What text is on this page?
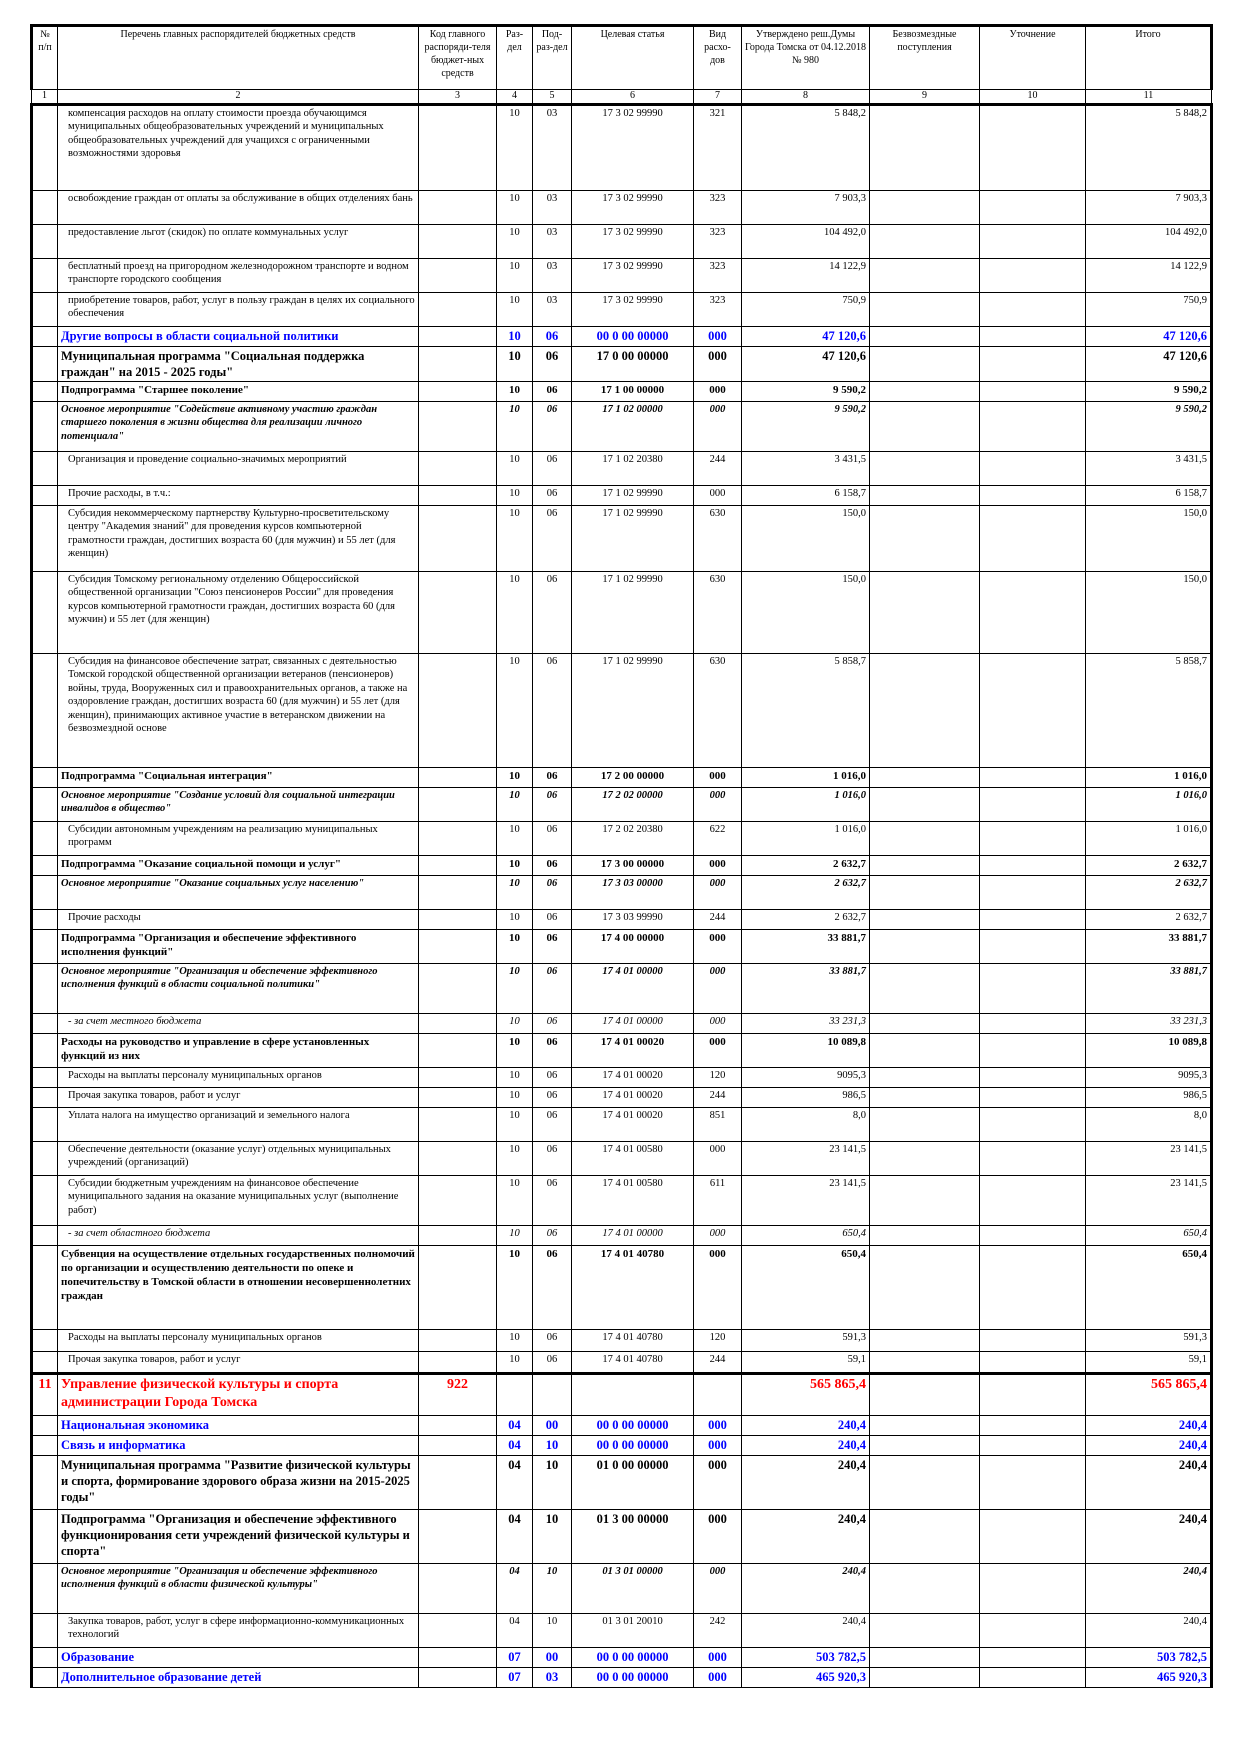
№ п/п	Перечень главных распорядителей бюджетных средств	Код главного распоряди-теля бюджет-ных средств	Раз-дел	Под-раз-дел	Целевая статья	Вид расхо-дов	Утверждено реш.Думы Города Томска от 04.12.2018 № 980	Безвозмездные поступления	Уточнение	Итого
1	2	3	4	5	6	7	8	9	10	11
	компенсация расходов на оплату стоимости проезда обучающимся муниципальных общеобразовательных учреждений и муниципальных общеобразовательных учреждений для учащихся с ограниченными возможностями здоровья		10	03	17 3 02 99990	321	5 848,2			5 848,2
	освобождение граждан от оплаты за обслуживание в общих отделениях бань		10	03	17 3 02 99990	323	7 903,3			7 903,3
	предоставление льгот (скидок) по оплате коммунальных услуг		10	03	17 3 02 99990	323	104 492,0			104 492,0
	бесплатный проезд на пригородном железнодорожном транспорте и водном транспорте городского сообщения		10	03	17 3 02 99990	323	14 122,9			14 122,9
	приобретение товаров, работ, услуг в пользу граждан в целях их социального обеспечения		10	03	17 3 02 99990	323	750,9			750,9
	Другие вопросы в области социальной политики		10	06	00 0 00 00000	000	47 120,6			47 120,6
	Муниципальная программа "Социальная поддержка граждан" на 2015 - 2025 годы"		10	06	17 0 00 00000	000	47 120,6			47 120,6
	Подпрограмма "Старшее поколение"		10	06	17 1 00 00000	000	9 590,2			9 590,2
	Основное мероприятие "Содействие активному участию граждан старшего поколения в жизни общества для реализации личного потенциала"		10	06	17 1 02 00000	000	9 590,2			9 590,2
	Организация и проведение социально-значимых мероприятий		10	06	17 1 02 20380	244	3 431,5			3 431,5
	Прочие расходы, в т.ч.:		10	06	17 1 02 99990	000	6 158,7			6 158,7
	Субсидия некоммерческому партнерству Культурно-просветительскому центру "Академия знаний" для проведения курсов компьютерной грамотности граждан, достигших возраста 60 (для мужчин) и 55 лет (для женщин)		10	06	17 1 02 99990	630	150,0			150,0
	Субсидия Томскому региональному отделению Общероссийской общественной организации "Союз пенсионеров России" для проведения курсов компьютерной грамотности граждан, достигших возраста 60 (для мужчин) и 55 лет (для женщин)		10	06	17 1 02 99990	630	150,0			150,0
	Субсидия на финансовое обеспечение затрат, связанных с деятельностью Томской городской общественной организации ветеранов (пенсионеров) войны, труда, Вооруженных сил и правоохранительных органов, а также на оздоровление граждан, достигших возраста 60 (для мужчин) и 55 лет (для женщин), принимающих активное участие в ветеранском движении на безвозмездной основе		10	06	17 1 02 99990	630	5 858,7			5 858,7
	Подпрограмма "Социальная интеграция"		10	06	17 2 00 00000	000	1 016,0			1 016,0
	Основное мероприятие "Создание условий для социальной интеграции инвалидов в общество"		10	06	17 2 02 00000	000	1 016,0			1 016,0
	Субсидии автономным учреждениям на реализацию муниципальных программ		10	06	17 2 02 20380	622	1 016,0			1 016,0
	Подпрограмма "Оказание социальной помощи и услуг"		10	06	17 3 00 00000	000	2 632,7			2 632,7
	Основное мероприятие "Оказание социальных услуг населению"		10	06	17 3 03 00000	000	2 632,7			2 632,7
	Прочие расходы		10	06	17 3 03 99990	244	2 632,7			2 632,7
	Подпрограмма "Организация и обеспечение эффективного исполнения функций"		10	06	17 4 00 00000	000	33 881,7			33 881,7
	Основное мероприятие "Организация и обеспечение эффективного исполнения функций в области социальной политики"		10	06	17 4 01 00000	000	33 881,7			33 881,7
	- за счет местного бюджета		10	06	17 4 01 00000	000	33 231,3			33 231,3
	Расходы на руководство и управление в сфере установленных функций из них		10	06	17 4 01 00020	000	10 089,8			10 089,8
	Расходы на выплаты персоналу муниципальных органов		10	06	17 4 01 00020	120	9095,3			9095,3
	Прочая закупка товаров, работ и услуг		10	06	17 4 01 00020	244	986,5			986,5
	Уплата налога на имущество организаций и земельного налога		10	06	17 4 01 00020	851	8,0			8,0
	Обеспечение деятельности (оказание услуг) отдельных муниципальных учреждений (организаций)		10	06	17 4 01 00580	000	23 141,5			23 141,5
	Субсидии бюджетным учреждениям на финансовое обеспечение муниципального задания на оказание муниципальных услуг (выполнение работ)		10	06	17 4 01 00580	611	23 141,5			23 141,5
	- за счет областного бюджета		10	06	17 4 01 00000	000	650,4			650,4
	Субвенция на осуществление отдельных государственных полномочий по организации и осуществлению деятельности по опеке и попечительству в Томской области в отношении несовершеннолетних граждан		10	06	17 4 01 40780	000	650,4			650,4
	Расходы на выплаты персоналу муниципальных органов		10	06	17 4 01 40780	120	591,3			591,3
	Прочая закупка товаров, работ и услуг		10	06	17 4 01 40780	244	59,1			59,1
11	Управление физической культуры и спорта администрации Города Томска	922					565 865,4			565 865,4
	Национальная экономика		04	00	00 0 00 00000	000	240,4			240,4
	Связь и информатика		04	10	00 0 00 00000	000	240,4			240,4
	Муниципальная программа "Развитие физической культуры и спорта, формирование здорового образа жизни на 2015-2025 годы"		04	10	01 0 00 00000	000	240,4			240,4
	Подпрограмма "Организация и обеспечение эффективного функционирования сети учреждений физической культуры и спорта"		04	10	01 3 00 00000	000	240,4			240,4
	Основное мероприятие "Организация и обеспечение эффективного исполнения функций в области физической культуры"		04	10	01 3 01 00000	000	240,4			240,4
	Закупка товаров, работ, услуг в сфере информационно-коммуникационных технологий		04	10	01 3 01 20010	242	240,4			240,4
	Образование		07	00	00 0 00 00000	000	503 782,5			503 782,5
	Дополнительное образование детей		07	03	00 0 00 00000	000	465 920,3			465 920,3
